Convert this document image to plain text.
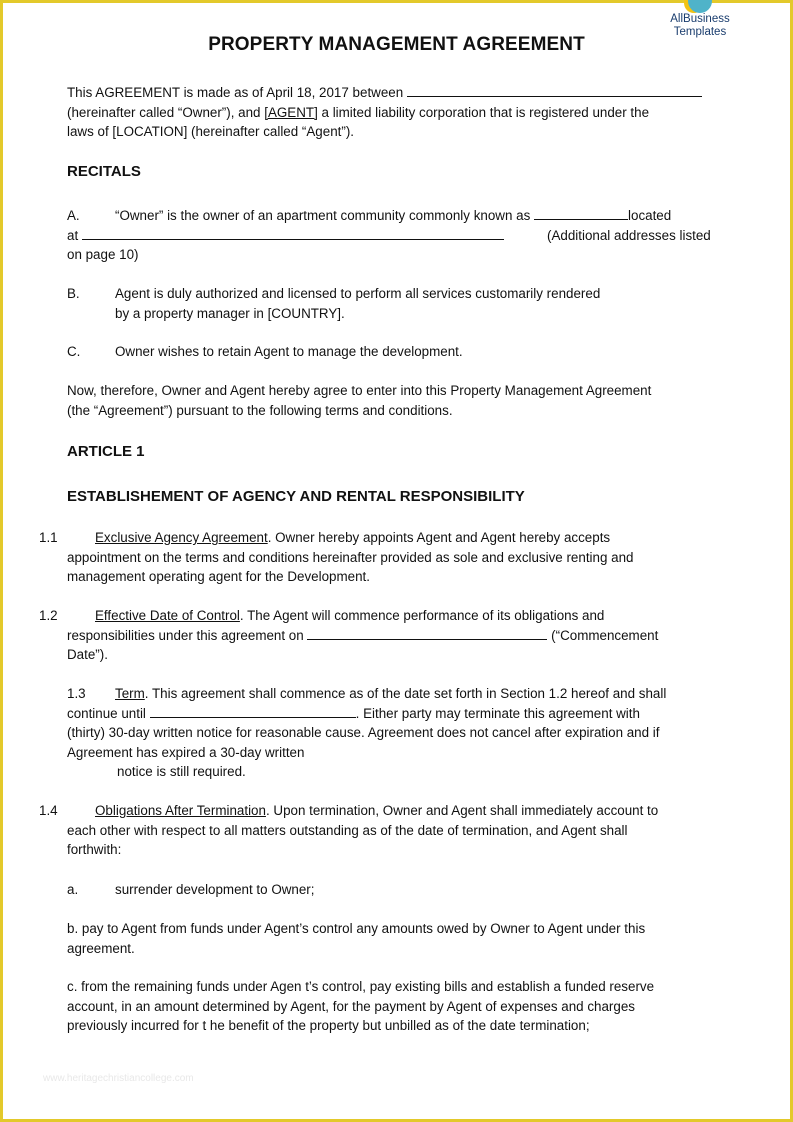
AllBusiness
Templates
PROPERTY MANAGEMENT AGREEMENT
This AGREEMENT is made as of April 18, 2017 between
(hereinafter called “Owner”), and [AGENT] a limited liability corporation that is registered under the
laws of [LOCATION] (hereinafter called “Agent”).
RECITALS
A.	“Owner” is the owner of an apartment community commonly known as	located
at	(Additional addresses listed
on page 10)
B.	Agent is duly authorized and licensed to perform all services customarily rendered
by a property manager in [COUNTRY].
C.	Owner wishes to retain Agent to manage the development.
Now, therefore, Owner and Agent hereby agree to enter into this Property Management Agreement
(the “Agreement”) pursuant to the following terms and conditions.
ARTICLE 1
ESTABLISHEMENT OF AGENCY AND RENTAL RESPONSIBILITY
1.1	Exclusive Agency Agreement. Owner hereby appoints Agent and Agent hereby accepts
appointment on the terms and conditions hereinafter provided as sole and exclusive renting and
management operating agent for the Development.
1.2	Effective Date of Control. The Agent will commence performance of its obligations and
responsibilities under this agreement on	(“Commencement
Date”).
1.3 Term. This agreement shall commence as of the date set forth in Section 1.2 hereof and shall
continue until	. Either party may terminate this agreement with
(thirty) 30-day written notice for reasonable cause. Agreement does not cancel after expiration and if
Agreement has expired a 30-day written
notice is still required.
1.4	Obligations After Termination. Upon termination, Owner and Agent shall immediately account to
each other with respect to all matters outstanding as of the date of termination, and Agent shall
forthwith:
a.	surrender development to Owner;
b. pay to Agent from funds under Agent’s control any amounts owed by Owner to Agent under this
agreement.
c. from the remaining funds under Agen t’s control, pay existing bills and establish a funded reserve
account, in an amount determined by Agent, for the payment by Agent of expenses and charges
previously incurred for t he benefit of the property but unbilled as of the date termination;
www.heritagechristiancollege.com
